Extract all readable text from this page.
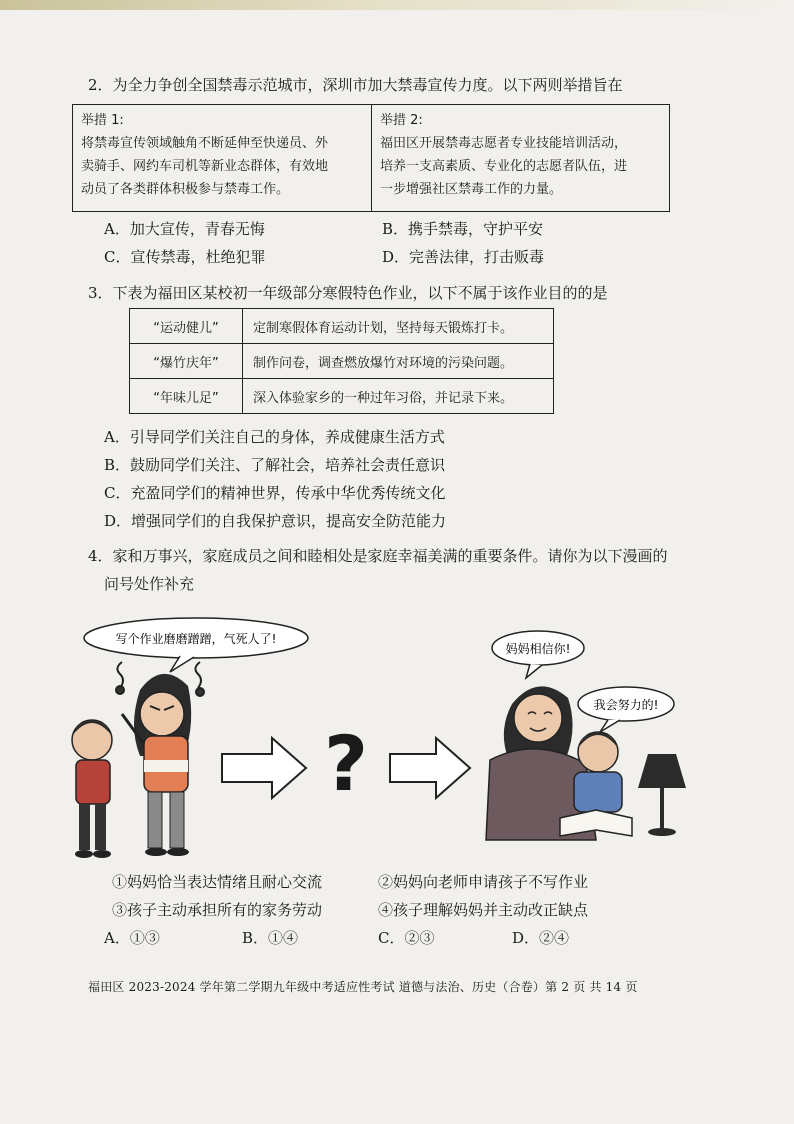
2．为全力争创全国禁毒示范城市，深圳市加大禁毒宣传力度。以下两则举措旨在
举措 1:
将禁毒宣传领域触角不断延伸至快递员、外
卖骑手、网约车司机等新业态群体，有效地
动员了各类群体积极参与禁毒工作。
举措 2:
福田区开展禁毒志愿者专业技能培训活动，
培养一支高素质、专业化的志愿者队伍，进
一步增强社区禁毒工作的力量。
A．加大宣传，青春无悔	B．携手禁毒，守护平安
C．宣传禁毒，杜绝犯罪	D．完善法律，打击贩毒
3．下表为福田区某校初一年级部分寒假特色作业，以下不属于该作业目的的是
“运动健儿”	定制寒假体育运动计划，坚持每天锻炼打卡。
“爆竹庆年”	制作问卷，调查燃放爆竹对环境的污染问题。
“年味儿足”	深入体验家乡的一种过年习俗，并记录下来。
A．引导同学们关注自己的身体，养成健康生活方式
B．鼓励同学们关注、了解社会，培养社会责任意识
C．充盈同学们的精神世界，传承中华优秀传统文化
D．增强同学们的自我保护意识，提高安全防范能力
4．家和万事兴，家庭成员之间和睦相处是家庭幸福美满的重要条件。请你为以下漫画的
问号处作补充
写个作业磨磨蹭蹭，气死人了!
?
妈妈相信你!
我会努力的!
①妈妈恰当表达情绪且耐心交流	②妈妈向老师申请孩子不写作业
③孩子主动承担所有的家务劳动	④孩子理解妈妈并主动改正缺点
A．①③	B．①④	C．②③	D．②④
福田区 2023-2024 学年第二学期九年级中考适应性考试 道德与法治、历史（合卷）第 2 页 共 14 页
